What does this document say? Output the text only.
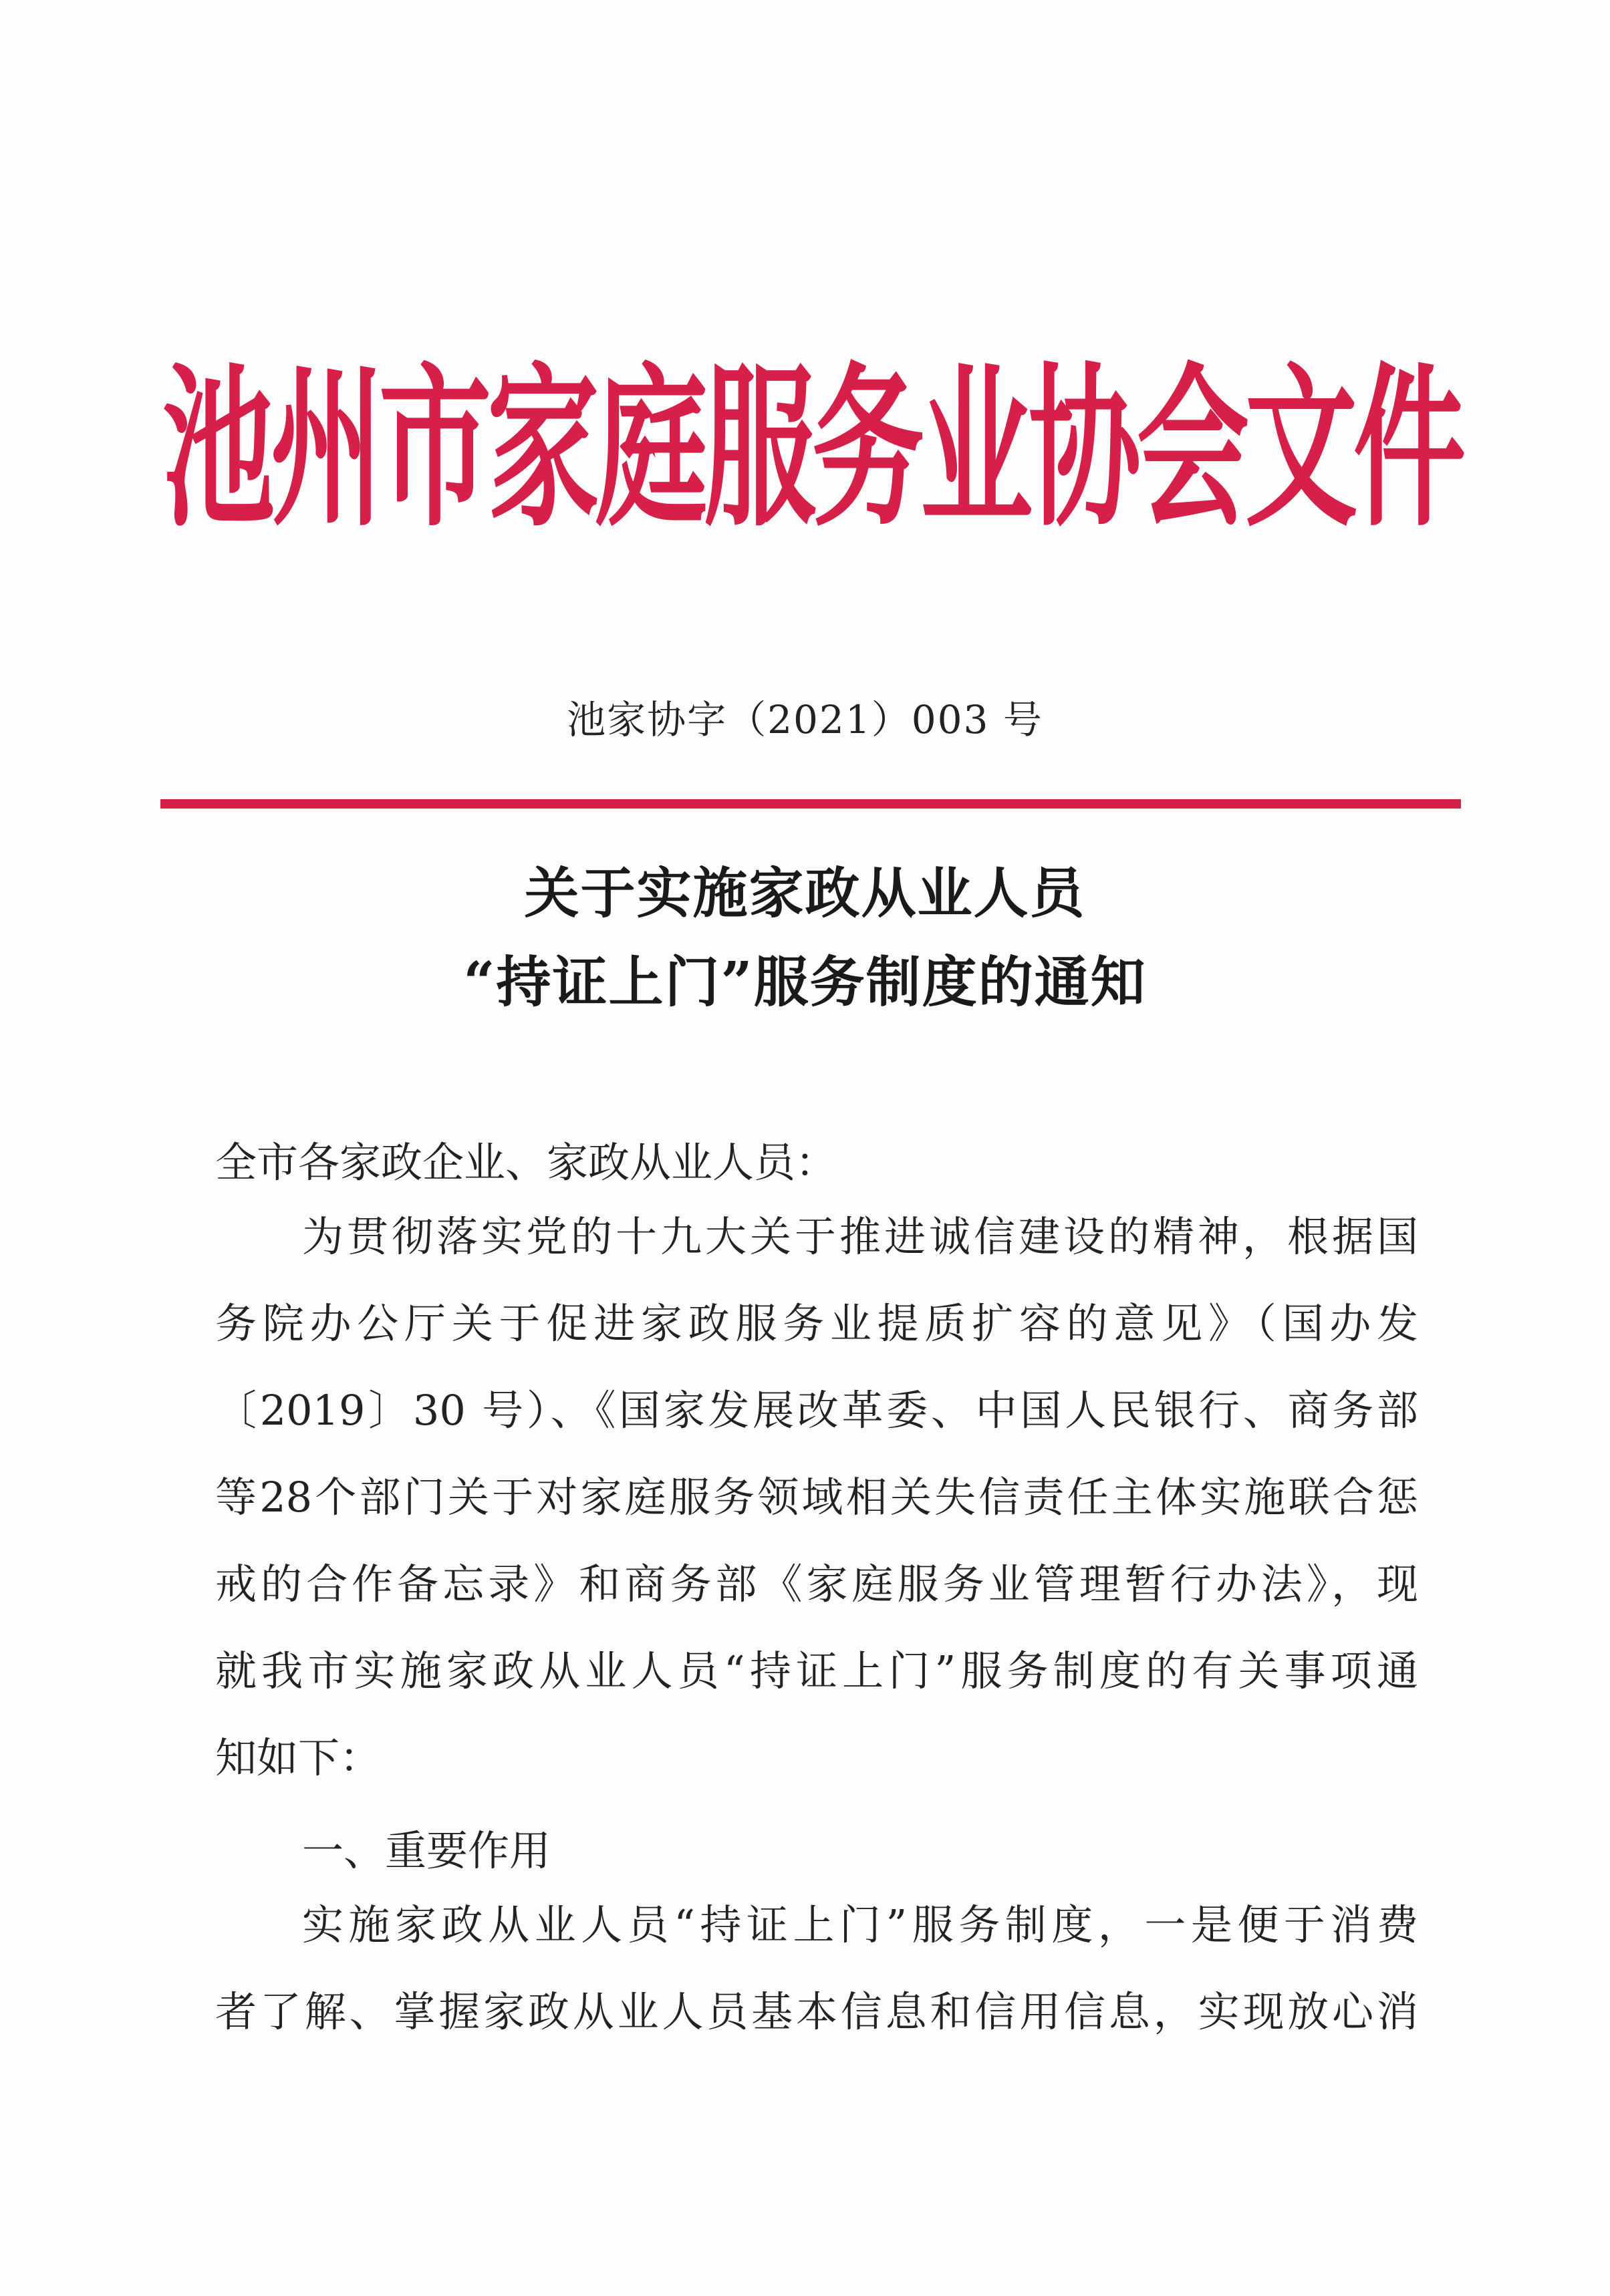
池州市家庭服务业协会文件
池家协字（2021）003 号
关于实施家政从业人员
“持证上门”服务制度的通知
全市各家政企业、家政从业人员：
为贯彻落实党的十九大关于推进诚信建设的精神，根据国
务院办公厅关于促进家政服务业提质扩容的意见》（国办发
〔2019〕30 号）、《国家发展改革委、中国人民银行、商务部
等28个部门关于对家庭服务领域相关失信责任主体实施联合惩
戒的合作备忘录》和商务部《家庭服务业管理暂行办法》，现
就我市实施家政从业人员“持证上门”服务制度的有关事项通
知如下：
一、重要作用
实施家政从业人员“持证上门”服务制度，一是便于消费
者了解、掌握家政从业人员基本信息和信用信息，实现放心消
